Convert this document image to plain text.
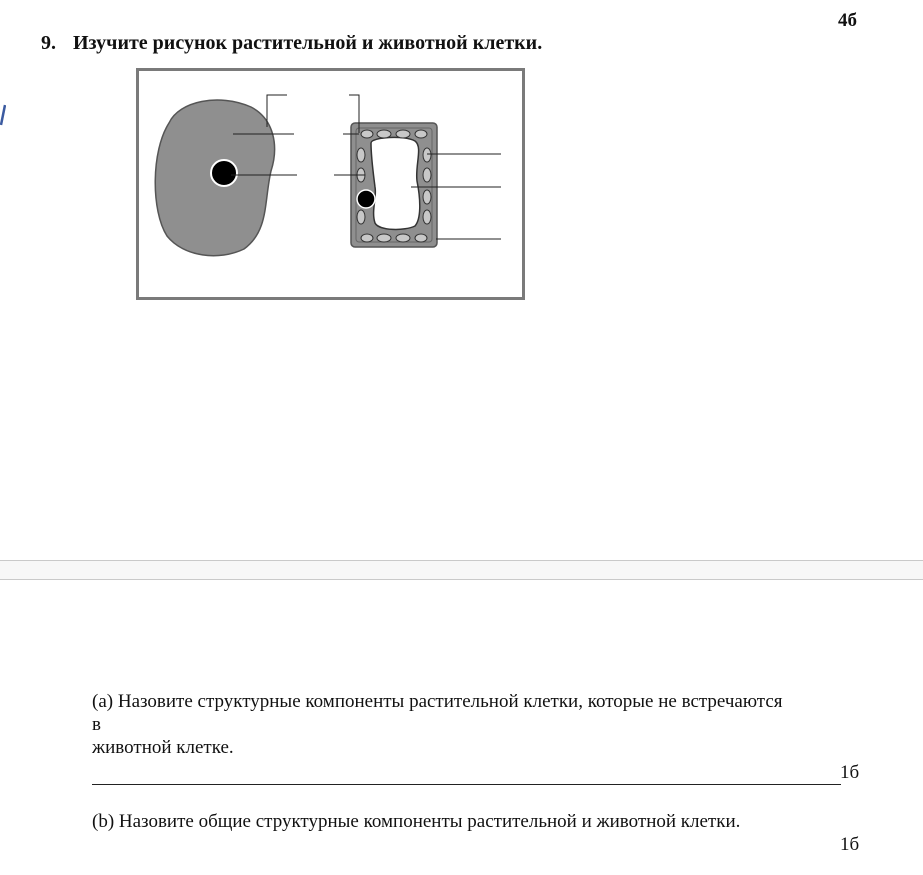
4б
9. Изучите рисунок растительной и животной клетки.
(a) Назовите структурные компоненты растительной клетки, которые не встречаются
в
животной клетке.
1б
(b) Назовите общие структурные компоненты растительной и животной клетки.
1б
